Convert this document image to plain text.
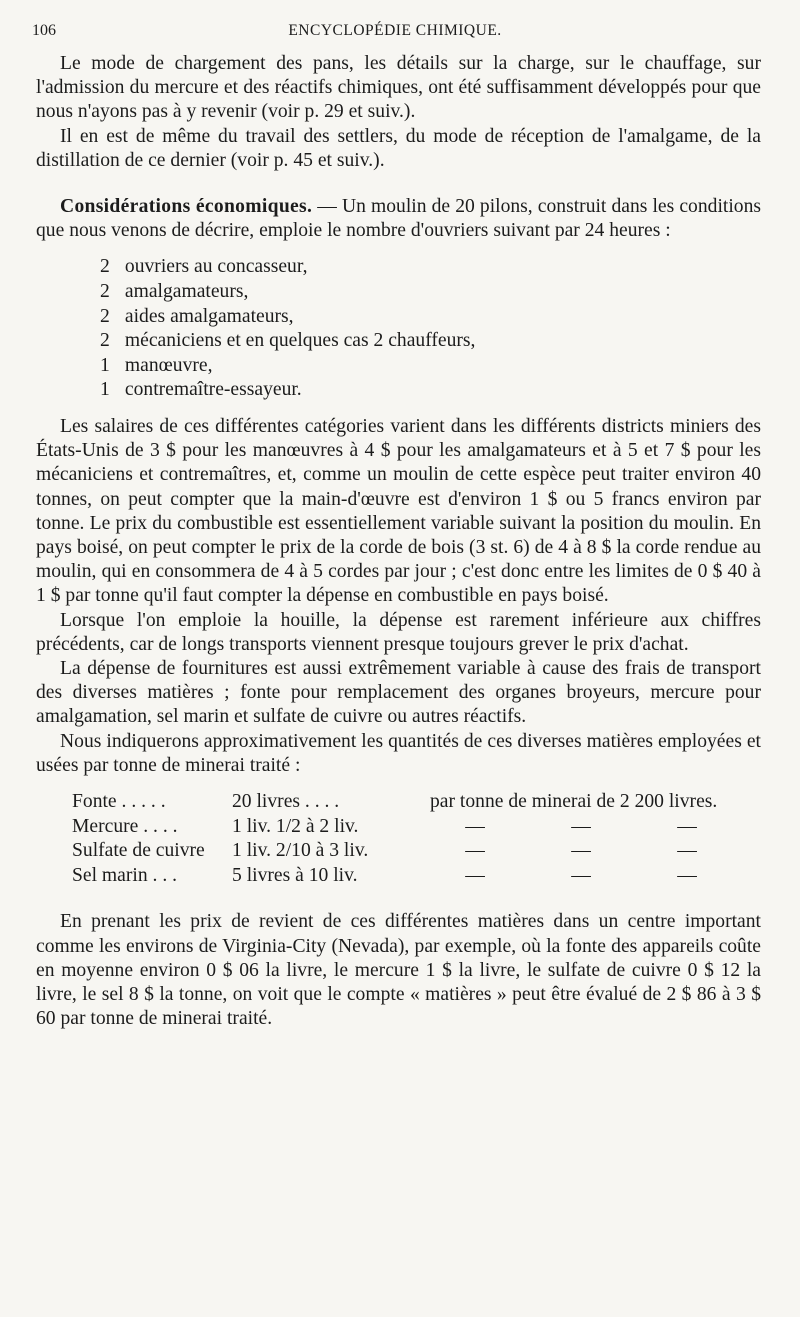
106	ENCYCLOPÉDIE CHIMIQUE.

Le mode de chargement des pans, les détails sur la charge, sur le chauffage, sur l'admission du mercure et des réactifs chimiques, ont été suffisamment développés pour que nous n'ayons pas à y revenir (voir p. 29 et suiv.).

Il en est de même du travail des settlers, du mode de réception de l'amalgame, de la distillation de ce dernier (voir p. 45 et suiv.).

Considérations économiques. — Un moulin de 20 pilons, construit dans les conditions que nous venons de décrire, emploie le nombre d'ouvriers suivant par 24 heures :

2 ouvriers au concasseur,
2 amalgamateurs,
2 aides amalgamateurs,
2 mécaniciens et en quelques cas 2 chauffeurs,
1 manœuvre,
1 contremaître-essayeur.

Les salaires de ces différentes catégories varient dans les différents districts miniers des États-Unis de 3 $ pour les manœuvres à 4 $ pour les amalgamateurs et à 5 et 7 $ pour les mécaniciens et contremaîtres, et, comme un moulin de cette espèce peut traiter environ 40 tonnes, on peut compter que la main-d'œuvre est d'environ 1 $ ou 5 francs environ par tonne. Le prix du combustible est essentiellement variable suivant la position du moulin. En pays boisé, on peut compter le prix de la corde de bois (3 st. 6) de 4 à 8 $ la corde rendue au moulin, qui en consommera de 4 à 5 cordes par jour ; c'est donc entre les limites de 0 $ 40 à 1 $ par tonne qu'il faut compter la dépense en combustible en pays boisé.

Lorsque l'on emploie la houille, la dépense est rarement inférieure aux chiffres précédents, car de longs transports viennent presque toujours grever le prix d'achat.

La dépense de fournitures est aussi extrêmement variable à cause des frais de transport des diverses matières ; fonte pour remplacement des organes broyeurs, mercure pour amalgamation, sel marin et sulfate de cuivre ou autres réactifs.

Nous indiquerons approximativement les quantités de ces diverses matières employées et usées par tonne de minerai traité :

Fonte . . . . .	20 livres . . . .	par tonne de minerai de 2 200 livres.		
Mercure . . . .	1 liv. 1/2 à 2 liv.	—	—	—
Sulfate de cuivre	1 liv. 2/10 à 3 liv.	—	—	—
Sel marin . . .	5 livres à 10 liv.	—	—	—

En prenant les prix de revient de ces différentes matières dans un centre important comme les environs de Virginia-City (Nevada), par exemple, où la fonte des appareils coûte en moyenne environ 0 $ 06 la livre, le mercure 1 $ la livre, le sulfate de cuivre 0 $ 12 la livre, le sel 8 $ la tonne, on voit que le compte « matières » peut être évalué de 2 $ 86 à 3 $ 60 par tonne de minerai traité.
